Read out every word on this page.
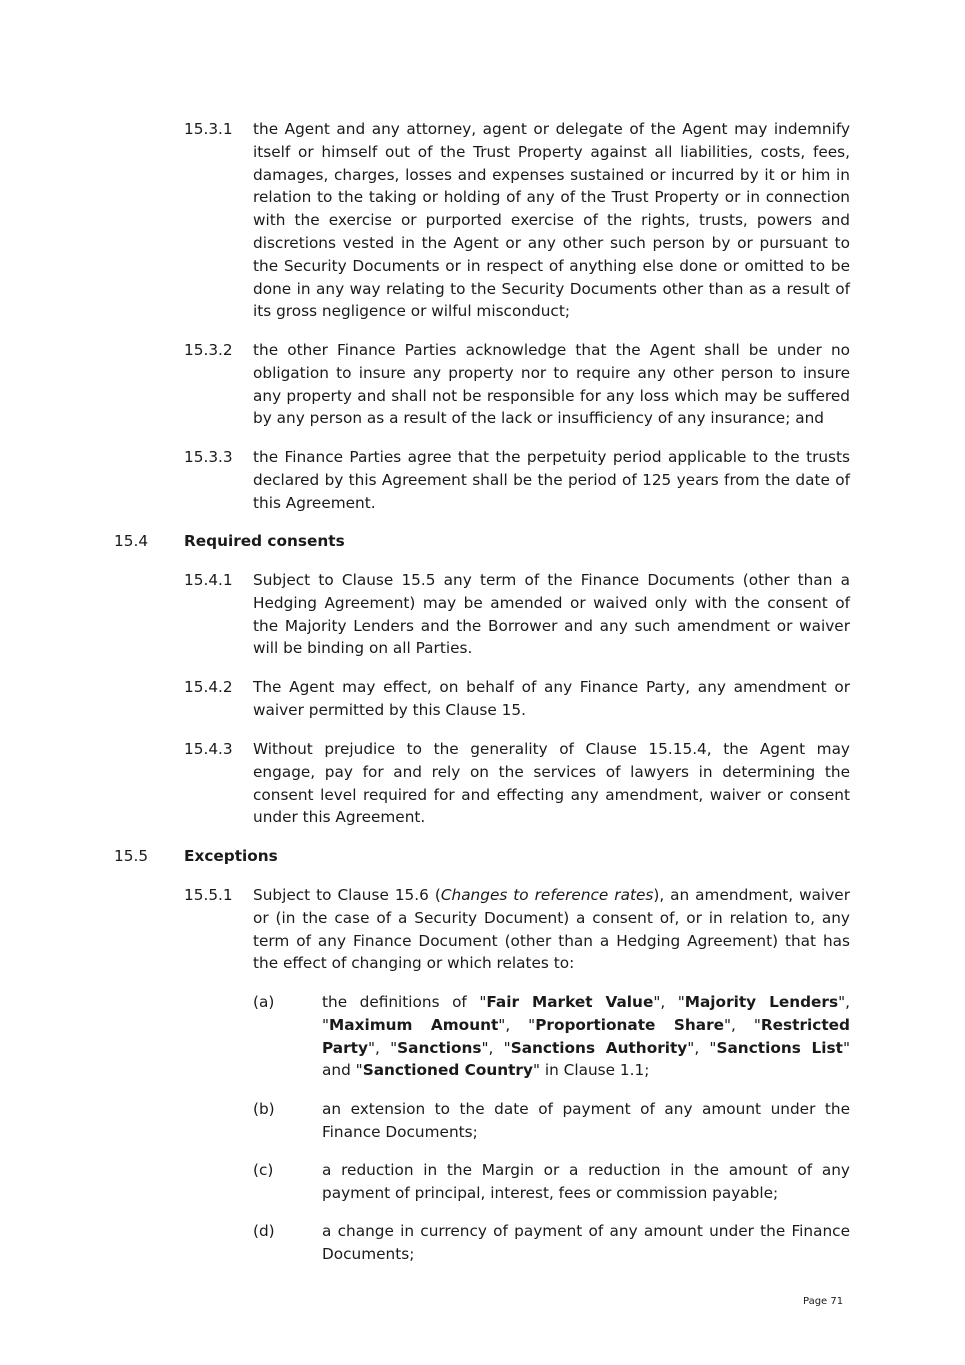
15.3.1 the Agent and any attorney, agent or delegate of the Agent may indemnify itself or himself out of the Trust Property against all liabilities, costs, fees, damages, charges, losses and expenses sustained or incurred by it or him in relation to the taking or holding of any of the Trust Property or in connection with the exercise or purported exercise of the rights, trusts, powers and discretions vested in the Agent or any other such person by or pursuant to the Security Documents or in respect of anything else done or omitted to be done in any way relating to the Security Documents other than as a result of its gross negligence or wilful misconduct;
15.3.2 the other Finance Parties acknowledge that the Agent shall be under no obligation to insure any property nor to require any other person to insure any property and shall not be responsible for any loss which may be suffered by any person as a result of the lack or insufficiency of any insurance; and
15.3.3 the Finance Parties agree that the perpetuity period applicable to the trusts declared by this Agreement shall be the period of 125 years from the date of this Agreement.
15.4 Required consents
15.4.1 Subject to Clause 15.5 any term of the Finance Documents (other than a Hedging Agreement) may be amended or waived only with the consent of the Majority Lenders and the Borrower and any such amendment or waiver will be binding on all Parties.
15.4.2 The Agent may effect, on behalf of any Finance Party, any amendment or waiver permitted by this Clause 15.
15.4.3 Without prejudice to the generality of Clause 15.15.4, the Agent may engage, pay for and rely on the services of lawyers in determining the consent level required for and effecting any amendment, waiver or consent under this Agreement.
15.5 Exceptions
15.5.1 Subject to Clause 15.6 (Changes to reference rates), an amendment, waiver or (in the case of a Security Document) a consent of, or in relation to, any term of any Finance Document (other than a Hedging Agreement) that has the effect of changing or which relates to:
(a)	the definitions of "Fair Market Value", "Majority Lenders", "Maximum Amount", "Proportionate Share", "Restricted Party", "Sanctions", "Sanctions Authority", "Sanctions List" and "Sanctioned Country" in Clause 1.1;
(b)	an extension to the date of payment of any amount under the Finance Documents;
(c)	a reduction in the Margin or a reduction in the amount of any payment of principal, interest, fees or commission payable;
(d)	a change in currency of payment of any amount under the Finance Documents;
Page 71
